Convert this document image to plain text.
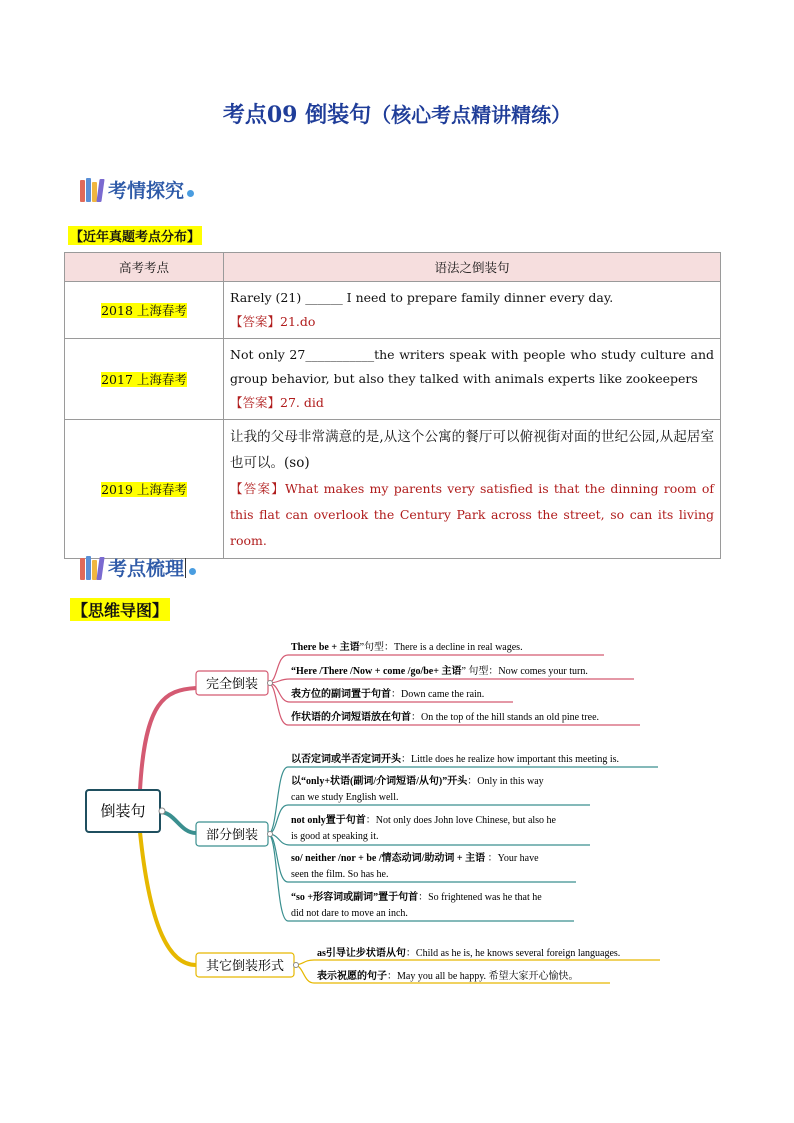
考点09 倒装句（核心考点精讲精练）
考情探究
【近年真题考点分布】
高考考点	语法之倒装句
2018 上海春考	Rarely (21) ______ I need to prepare family dinner every day.
【答案】21.do

2017 上海春考	Not only 27___________the writers speak with people who study culture and group behavior, but also they talked with animals experts like zookeepers
【答案】27. did

2019 上海春考	让我的父母非常满意的是,从这个公寓的餐厅可以俯视街对面的世纪公园,从起居室也可以。(so)
【答案】What makes my parents very satisfied is that the dinning room of this flat can overlook the Century Park across the street, so can its living room.
考点梳理
【思维导图】
倒装句
完全倒装
部分倒装
其它倒装形式
There be + 主语”句型：There is a decline in real wages.
“Here /There /Now + come /go/be+ 主语” 句型：Now comes your turn.
表方位的副词置于句首：Down came the rain.
作状语的介词短语放在句首：On the top of the hill stands an old pine tree.
以否定词或半否定词开头：Little does he realize how important this meeting is.
以“only+状语(副词/介词短语/从句)”开头：Only in this way
can we study English well.
not only置于句首：Not only does John love Chinese, but also he
is good at speaking it.
so/ neither /nor + be /情态动词/助动词 + 主语 ：Your have
seen the film. So has he.
“so +形容词或副词”置于句首：So frightened was he that he
did not dare to move an inch.
as引导让步状语从句：Child as he is, he knows several foreign languages.
表示祝愿的句子：May you all be happy. 希望大家开心愉快。
